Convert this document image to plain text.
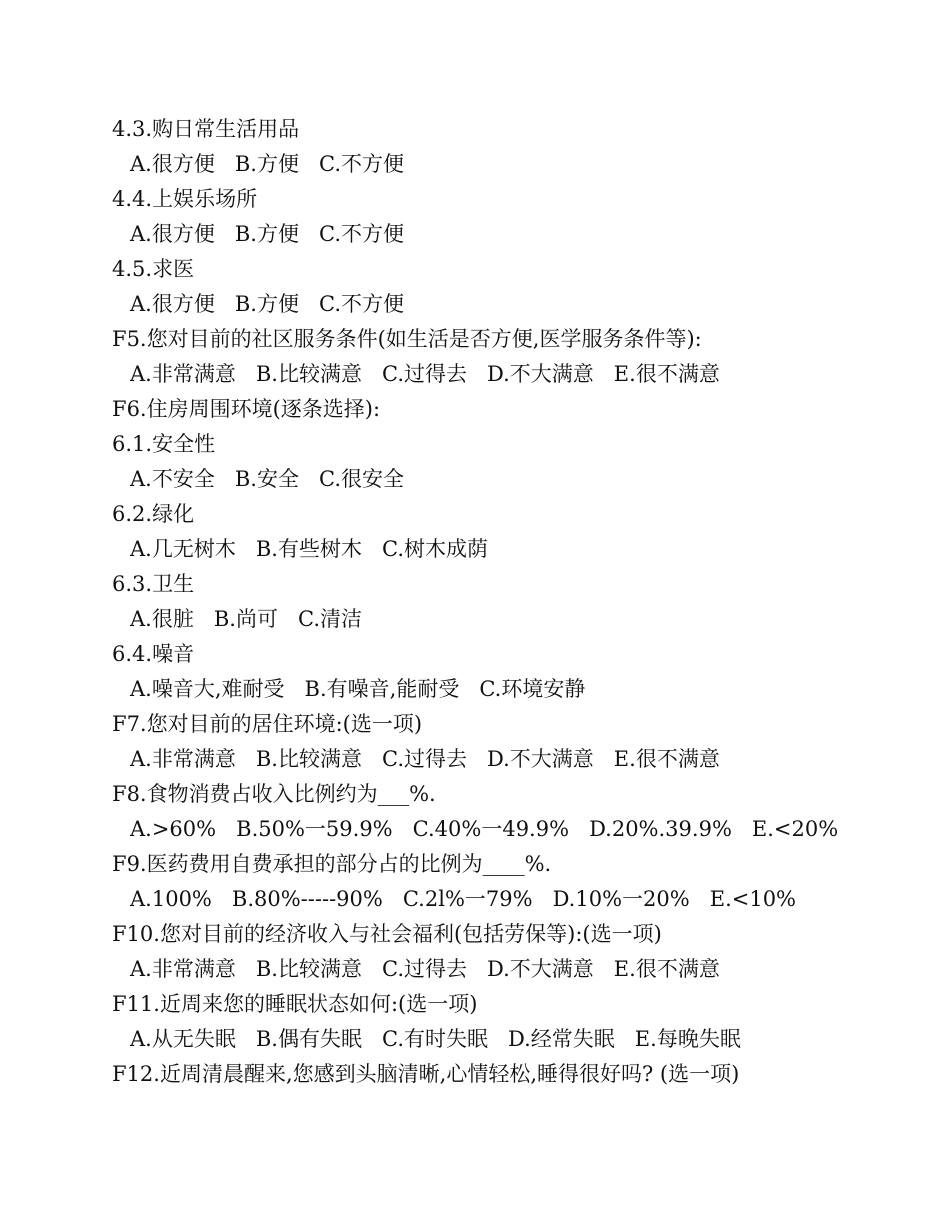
4.3.购日常生活用品
A.很方便   B.方便   C.不方便
4.4.上娱乐场所
A.很方便   B.方便   C.不方便
4.5.求医
A.很方便   B.方便   C.不方便
F5.您对目前的社区服务条件(如生活是否方便,医学服务条件等):
A.非常满意   B.比较满意   C.过得去   D.不大满意   E.很不满意
F6.住房周围环境(逐条选择):
6.1.安全性
A.不安全   B.安全   C.很安全
6.2.绿化
A.几无树木   B.有些树木   C.树木成荫
6.3.卫生
A.很脏   B.尚可   C.清洁
6.4.噪音
A.噪音大,难耐受   B.有噪音,能耐受   C.环境安静
F7.您对目前的居住环境:(选一项)
A.非常满意   B.比较满意   C.过得去   D.不大满意   E.很不满意
F8.食物消费占收入比例约为___%.
A.>60%   B.50%一59.9%   C.40%一49.9%   D.20%.39.9%   E.<20%
F9.医药费用自费承担的部分占的比例为____%.
A.100%   B.80%-----90%   C.2l%一79%   D.10%一20%   E.<10%
F10.您对目前的经济收入与社会福利(包括劳保等):(选一项)
A.非常满意   B.比较满意   C.过得去   D.不大满意   E.很不满意
F11.近周来您的睡眠状态如何:(选一项)
A.从无失眠   B.偶有失眠   C.有时失眠   D.经常失眠   E.每晚失眠
F12.近周清晨醒来,您感到头脑清晰,心情轻松,睡得很好吗? (选一项)
